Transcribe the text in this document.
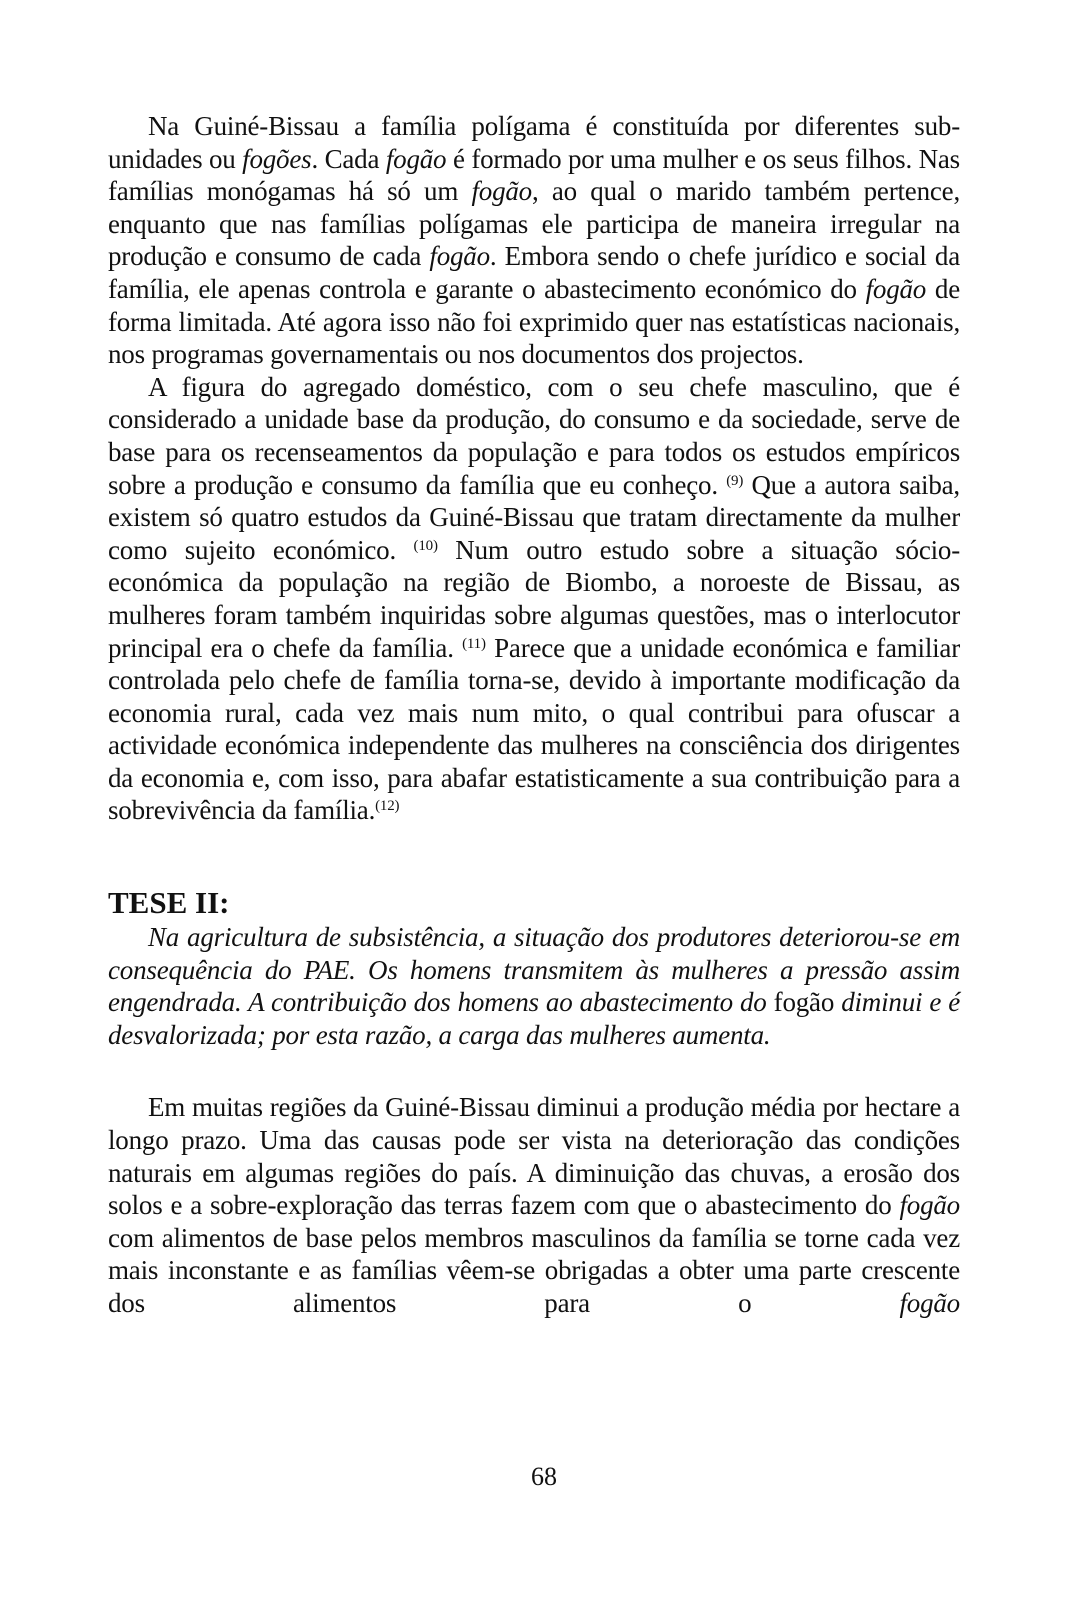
Na Guiné-Bissau a família polígama é constituída por diferentes sub-unidades ou fogões. Cada fogão é formado por uma mulher e os seus filhos. Nas famílias monógamas há só um fogão, ao qual o marido também pertence, enquanto que nas famílias polígamas ele participa de maneira irregular na produção e consumo de cada fogão. Embora sendo o chefe jurídico e social da família, ele apenas controla e garante o abastecimento económico do fogão de forma limitada. Até agora isso não foi exprimido quer nas estatísticas nacionais, nos programas governamentais ou nos documentos dos projectos.

A figura do agregado doméstico, com o seu chefe masculino, que é considerado a unidade base da produção, do consumo e da sociedade, serve de base para os recenseamentos da população e para todos os estudos empíricos sobre a produção e consumo da família que eu conheço. $^{(9)}$ Que a autora saiba, existem só quatro estudos da Guiné-Bissau que tratam directamente da mulher como sujeito económico. $^{(10)}$ Num outro estudo sobre a situação sócio-económica da população na região de Biombo, a noroeste de Bissau, as mulheres foram também inquiridas sobre algumas questões, mas o interlocutor principal era o chefe da família. $^{(11)}$ Parece que a unidade económica e familiar controlada pelo chefe de família torna-se, devido à importante modificação da economia rural, cada vez mais num mito, o qual contribui para ofuscar a actividade económica independente das mulheres na consciência dos dirigentes da economia e, com isso, para abafar estatisticamente a sua contribuição para a sobrevivência da família.$^{(12)}$

TESE II:

Na agricultura de subsistência, a situação dos produtores deteriorou-se em consequência do PAE. Os homens transmitem às mulheres a pressão assim engendrada. A contribuição dos homens ao abastecimento do fogão diminui e é desvalorizada; por esta razão, a carga das mulheres aumenta.

Em muitas regiões da Guiné-Bissau diminui a produção média por hectare a longo prazo. Uma das causas pode ser vista na deterioração das condições naturais em algumas regiões do país. A diminuição das chuvas, a erosão dos solos e a sobre-exploração das terras fazem com que o abastecimento do fogão com alimentos de base pelos membros masculinos da família se torne cada vez mais inconstante e as famílias vêem-se obrigadas a obter uma parte crescente dos alimentos para o fogão

68
